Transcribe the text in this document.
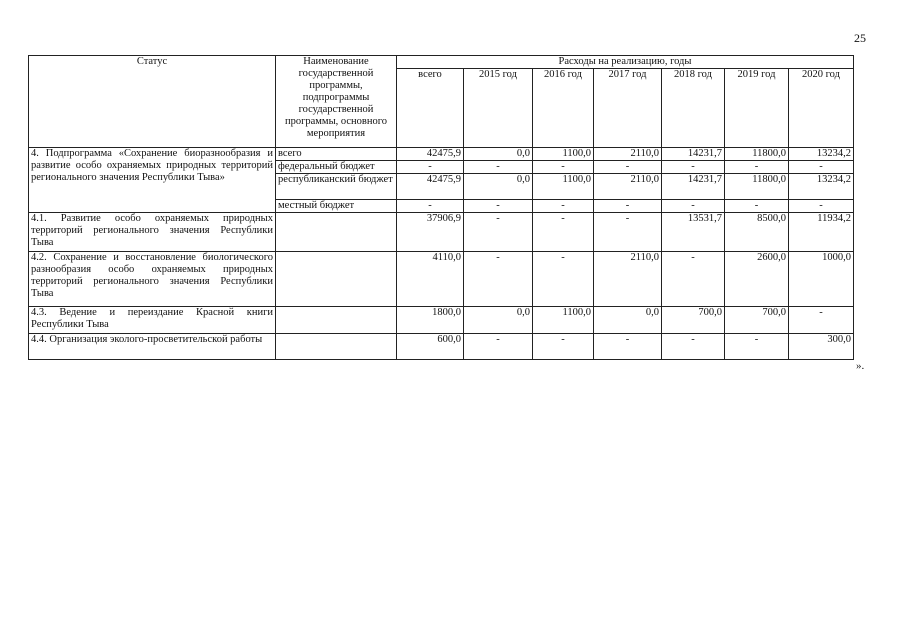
25
Статус	Наименование государственной программы, подпрограммы государственной программы, основного мероприятия	Расходы на реализацию, годы						
		всего	2015 год	2016 год	2017 год	2018 год	2019 год	2020 год
4. Подпрограмма «Сохранение биоразнообразия и развитие особо охраняемых природных территорий регионального значения Республики Тыва»	всего	42475,9	0,0	1100,0	2110,0	14231,7	11800,0	13234,2
	федеральный бюджет	-	-	-	-	-	-	-
	республиканский бюджет	42475,9	0,0	1100,0	2110,0	14231,7	11800,0	13234,2
	местный бюджет	-	-	-	-	-	-	-
4.1. Развитие особо охраняемых природных территорий регионального значения Республики Тыва		37906,9	-	-	-	13531,7	8500,0	11934,2
4.2. Сохранение и восстановление биологического разнообразия особо охраняемых природных территорий регионального значения Республики Тыва		4110,0	-	-	2110,0	-	2600,0	1000,0
4.3. Ведение и переиздание Красной книги Республики Тыва		1800,0	0,0	1100,0	0,0	700,0	700,0	-
4.4. Организация эколого-просветительской работы		600,0	-	-	-	-	-	300,0
».
